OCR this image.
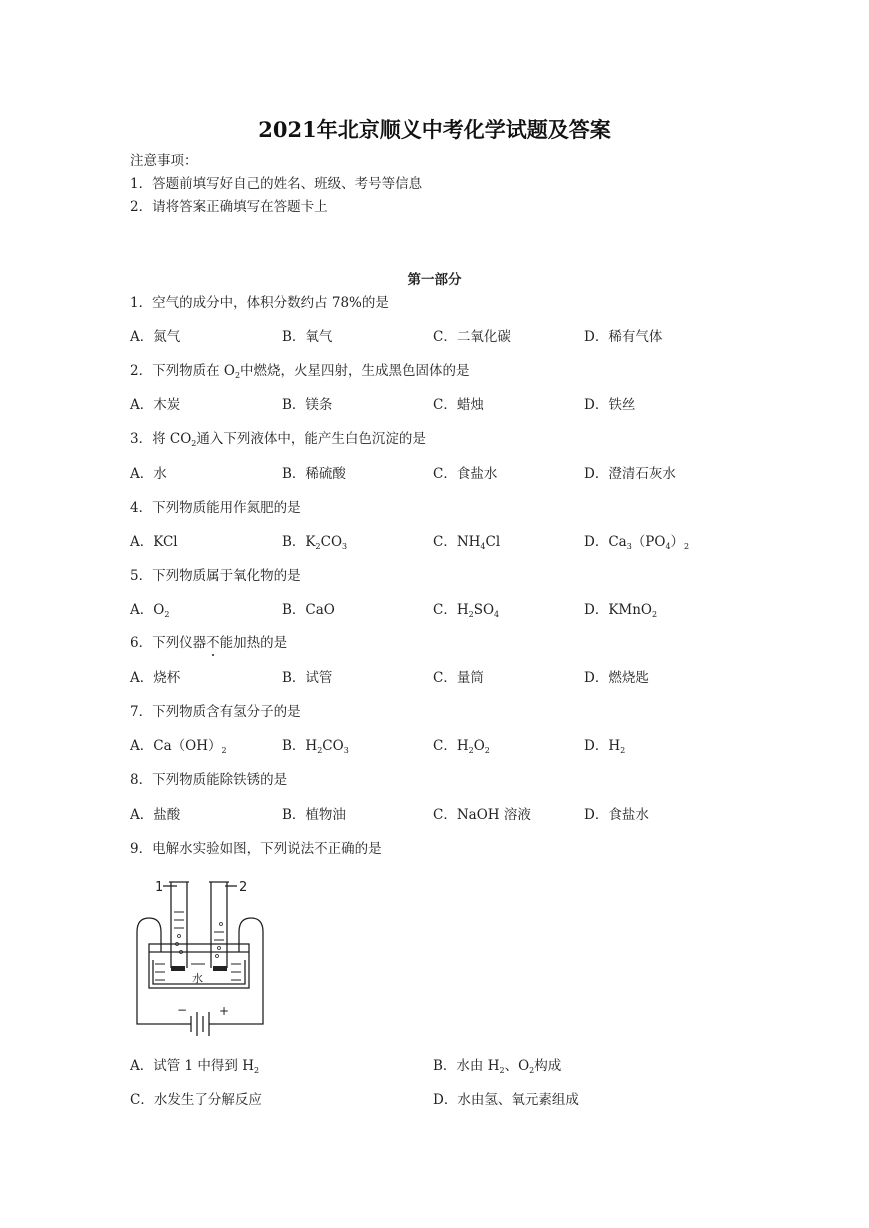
2021年北京顺义中考化学试题及答案
注意事项：
1．答题前填写好自己的姓名、班级、考号等信息
2．请将答案正确填写在答题卡上
第一部分
1．空气的成分中，体积分数约占 78%的是
A．氮气	B．氧气	C．二氧化碳	D．稀有气体
2．下列物质在 $O_2$中燃烧，火星四射，生成黑色固体的是
A．木炭	B．镁条	C．蜡烛	D．铁丝
3．将 $CO_2$通入下列液体中，能产生白色沉淀的是
A．水	B．稀硫酸	C．食盐水	D．澄清石灰水
4．下列物质能用作氮肥的是
A．KCl	B．$K_2CO_3$	C．$NH_4Cl$	D．$Ca_3(PO_4)_2$
5．下列物质属于氧化物的是
A．$O_2$	B．CaO	C．$H_2SO_4$	D．KMnO$_2$
6．下列仪器不能加热的是
A．烧杯	B．试管	C．量筒	D．燃烧匙
7．下列物质含有氢分子的是
A．$Ca(OH)_2$	B．$H_2CO_3$	C．$H_2O_2$	D．$H_2$
8．下列物质能除铁锈的是
A．盐酸	B．植物油	C．NaOH 溶液	D．食盐水
9．电解水实验如图，下列说法不正确的是
1	2
水
−	+
A．试管 1 中得到 $H_2$	B．水由 $H_2$、$O_2$构成
C．水发生了分解反应	D．水由氢、氧元素组成
